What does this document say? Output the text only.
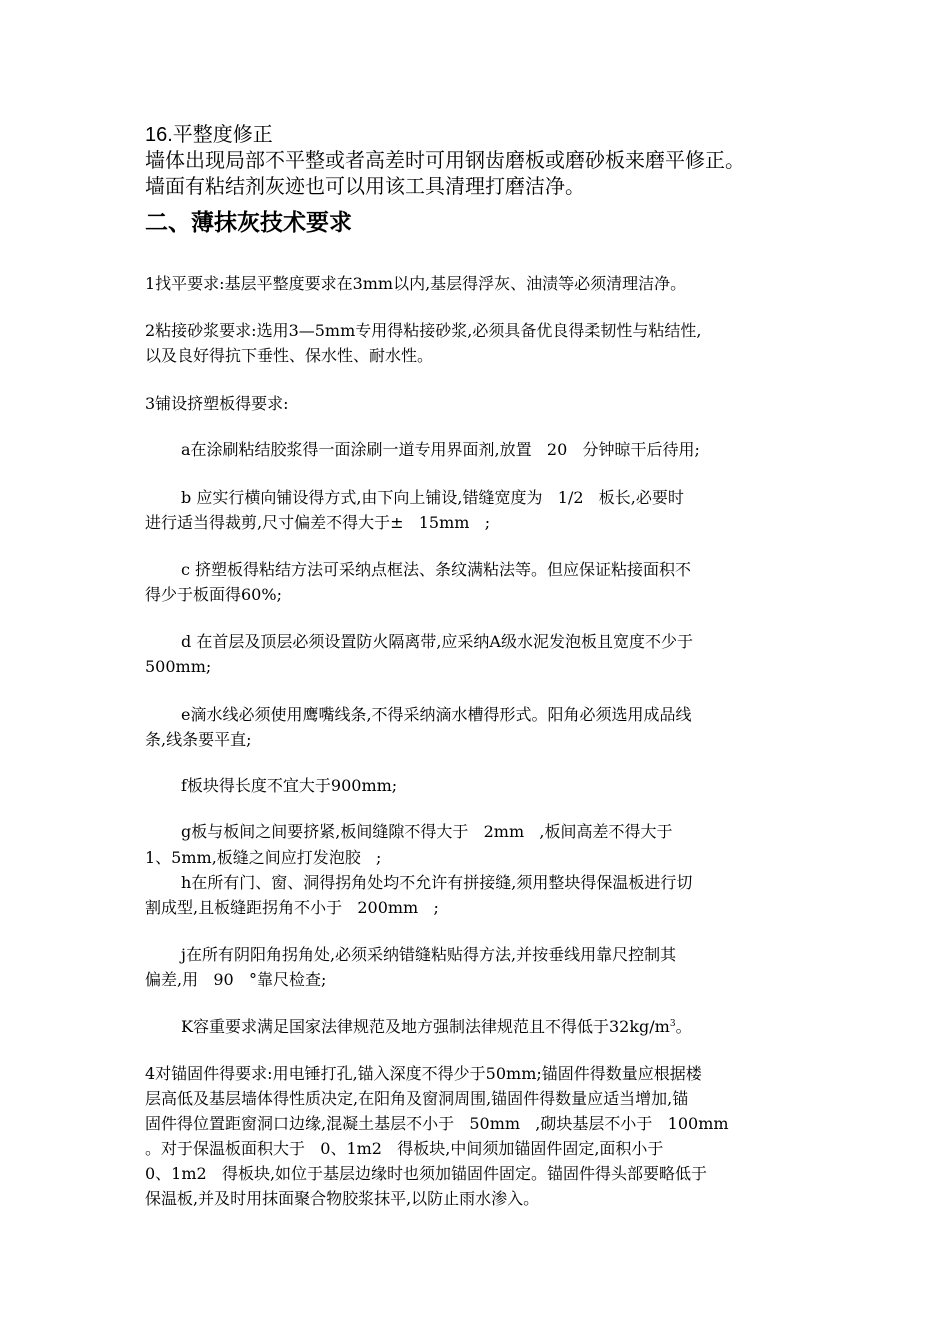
16.平整度修正
墙体出现局部不平整或者高差时可用钢齿磨板或磨砂板来磨平修正。
墙面有粘结剂灰迹也可以用该工具清理打磨洁净。
二、薄抹灰技术要求
1找平要求:基层平整度要求在3mm以内,基层得浮灰、油渍等必须清理洁净。
2粘接砂浆要求:选用3—5mm专用得粘接砂浆,必须具备优良得柔韧性与粘结性,
以及良好得抗下垂性、保水性、耐水性。
3铺设挤塑板得要求:
a在涂刷粘结胶浆得一面涂刷一道专用界面剂,放置   20   分钟晾干后待用;
b 应实行横向铺设得方式,由下向上铺设,错缝宽度为   1/2   板长,必要时
进行适当得裁剪,尺寸偏差不得大于±   15mm   ;
c 挤塑板得粘结方法可采纳点框法、条纹满粘法等。但应保证粘接面积不
得少于板面得60%;
d 在首层及顶层必须设置防火隔离带,应采纳A级水泥发泡板且宽度不少于
500mm;
e滴水线必须使用鹰嘴线条,不得采纳滴水槽得形式。阳角必须选用成品线
条,线条要平直;
f板块得长度不宜大于900mm;
g板与板间之间要挤紧,板间缝隙不得大于   2mm   ,板间高差不得大于
1、5mm,板缝之间应打发泡胶   ;
h在所有门、窗、洞得拐角处均不允许有拼接缝,须用整块得保温板进行切
割成型,且板缝距拐角不小于   200mm   ;
j在所有阴阳角拐角处,必须采纳错缝粘贴得方法,并按垂线用靠尺控制其
偏差,用   90   °靠尺检查;
K容重要求满足国家法律规范及地方强制法律规范且不得低于$32kg/m^3$。
4对锚固件得要求:用电锤打孔,锚入深度不得少于50mm;锚固件得数量应根据楼
层高低及基层墙体得性质决定,在阳角及窗洞周围,锚固件得数量应适当增加,锚
固件得位置距窗洞口边缘,混凝土基层不小于   50mm   ,砌块基层不小于   100mm
。对于保温板面积大于   0、1m2   得板块,中间须加锚固件固定,面积小于
0、1m2   得板块,如位于基层边缘时也须加锚固件固定。锚固件得头部要略低于
保温板,并及时用抹面聚合物胶浆抹平,以防止雨水渗入。
